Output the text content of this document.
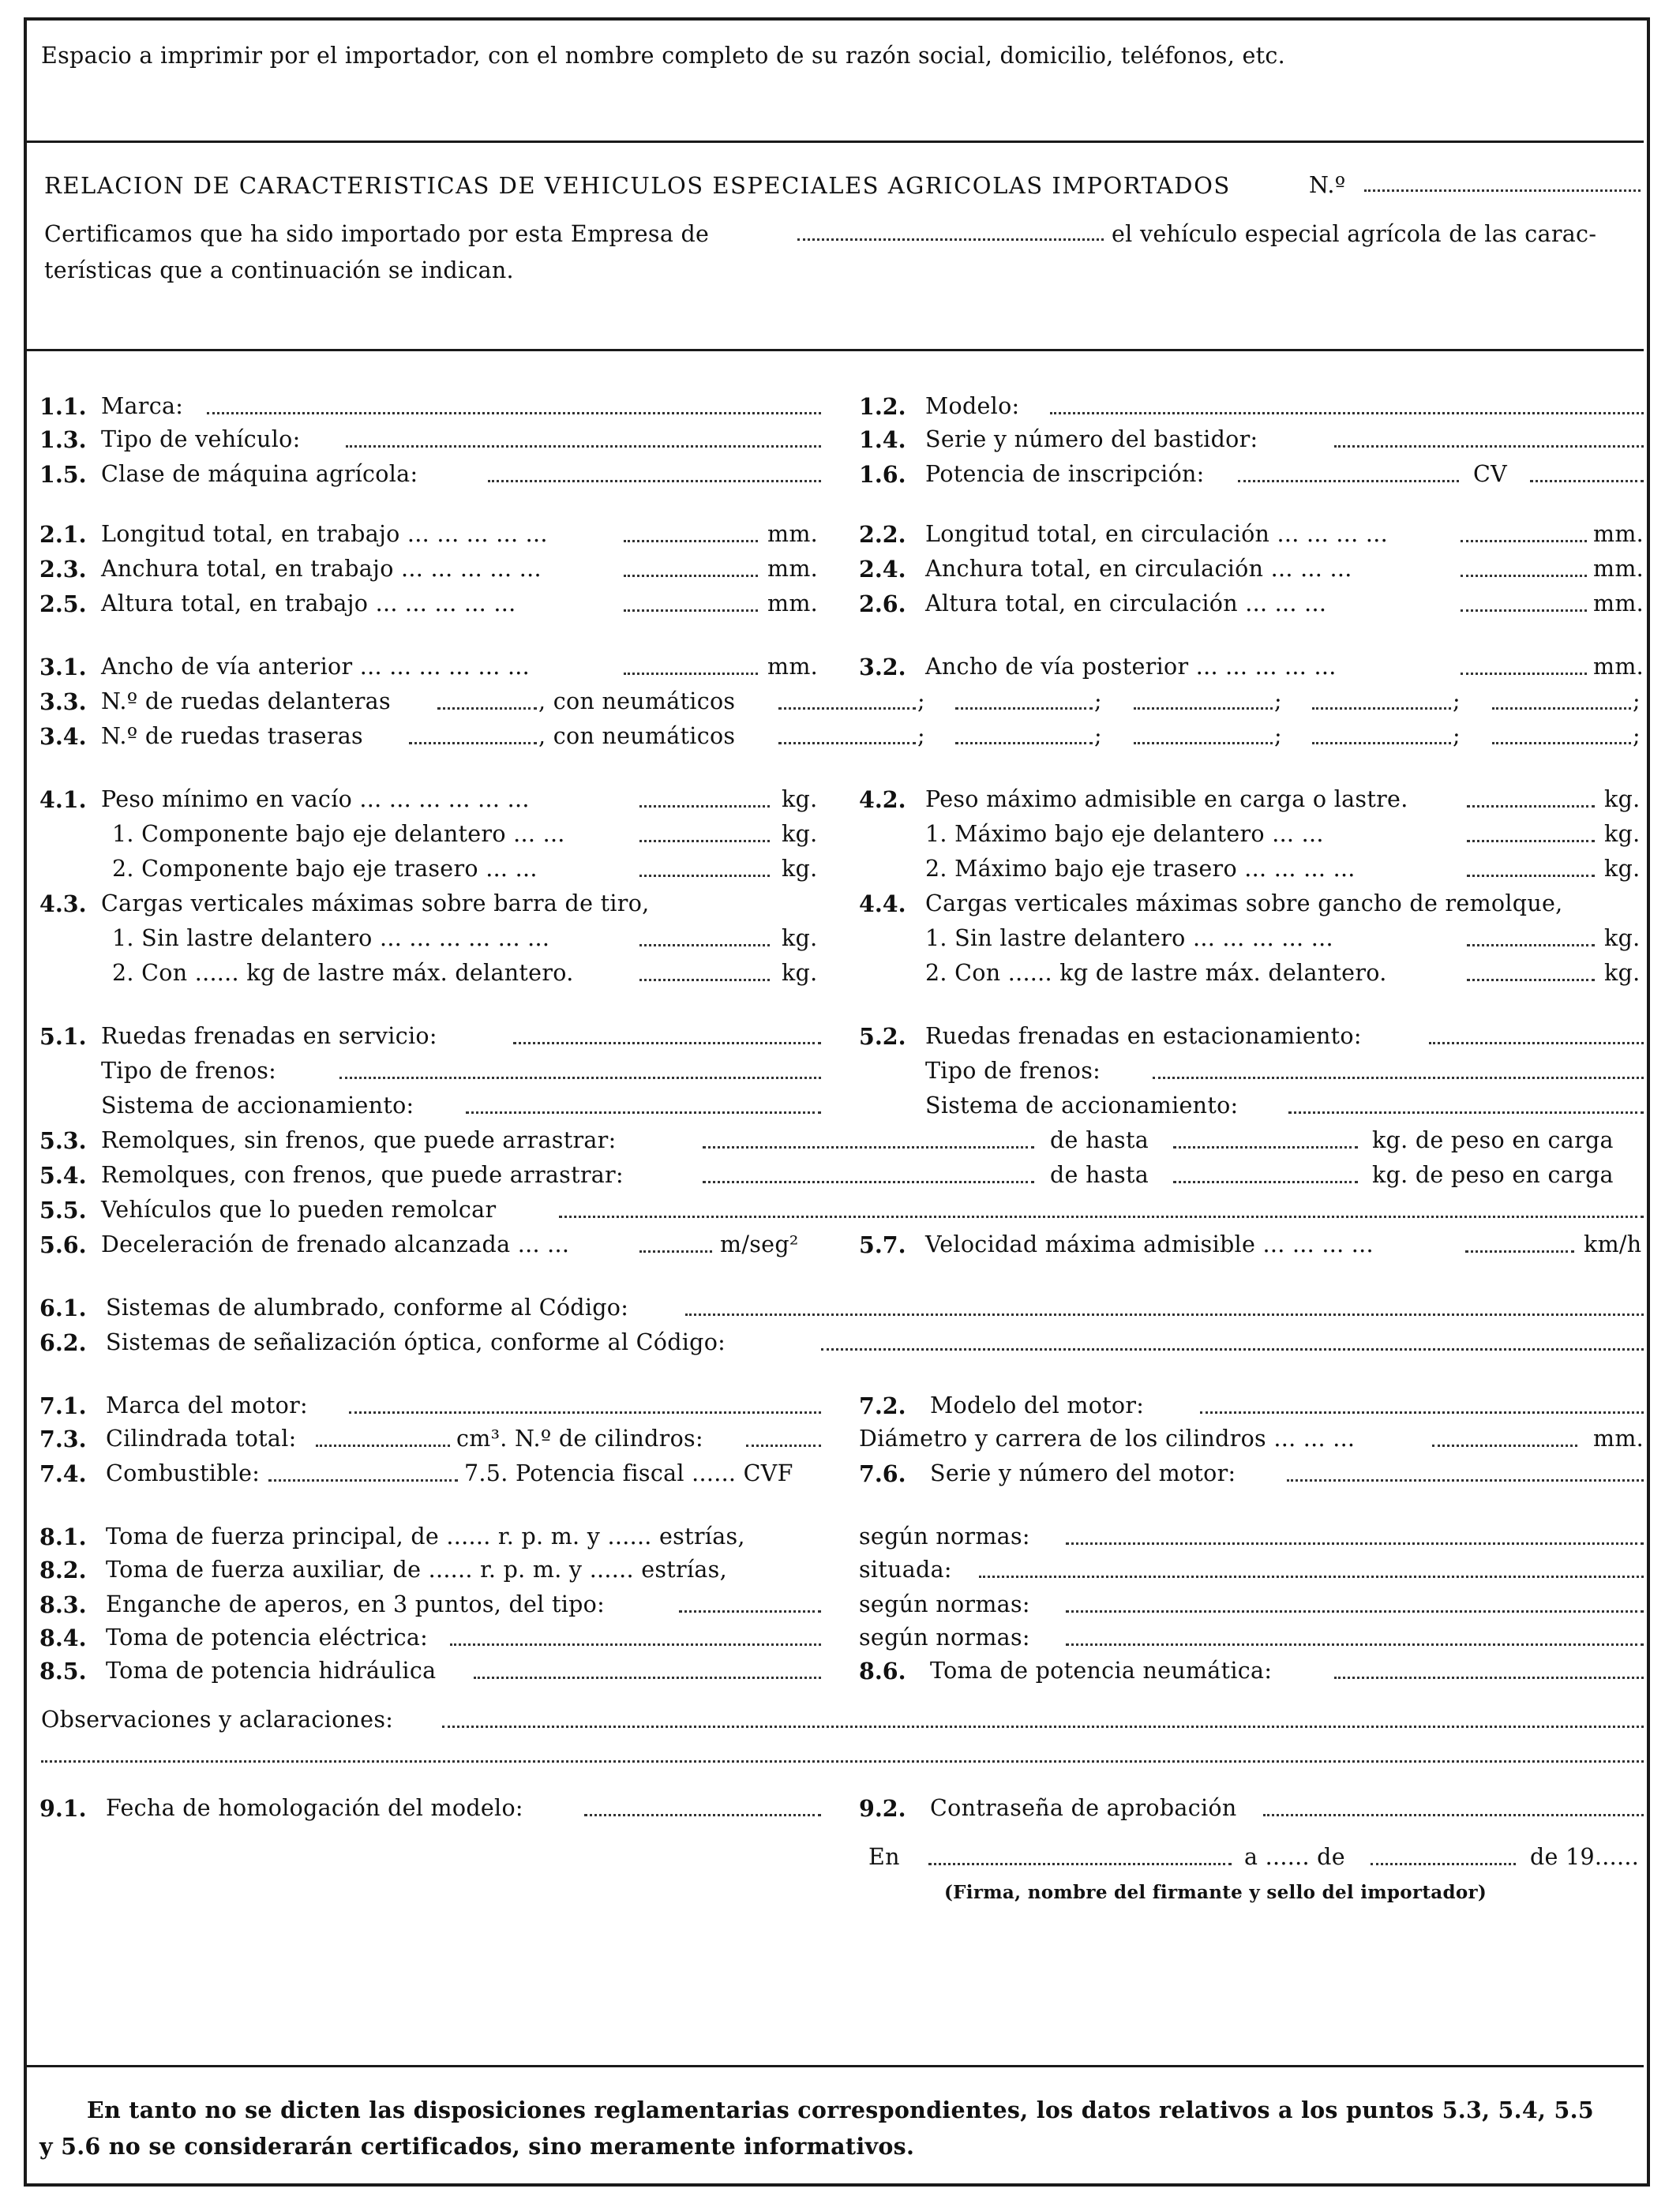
Espacio a imprimir por el importador, con el nombre completo de su razón social, domicilio, teléfonos, etc.
RELACION DE CARACTERISTICAS DE VEHICULOS ESPECIALES AGRICOLAS IMPORTADOS	N.º
Certificamos que ha sido importado por esta Empresa de	el vehículo especial agrícola de las carac-
terísticas que a continuación se indican.
1.1. Marca:	1.2. Modelo:
1.3. Tipo de vehículo:	1.4. Serie y número del bastidor:
1.5. Clase de máquina agrícola:	1.6. Potencia de inscripción:	CV
2.1. Longitud total, en trabajo ... ... ... ... ...	mm. 2.2. Longitud total, en circulación ... ... ... ...	mm.
2.3. Anchura total, en trabajo ... ... ... ... ...	mm. 2.4. Anchura total, en circulación ... ... ...	mm.
2.5. Altura total, en trabajo ... ... ... ... ...	mm. 2.6. Altura total, en circulación ... ... ...	mm.
3.1. Ancho de vía anterior ... ... ... ... ... ...	mm. 3.2. Ancho de vía posterior ... ... ... ... ...	mm.
3.3. N.º de ruedas delanteras	, con neumáticos	;	;	;	;	;
3.4. N.º de ruedas traseras	, con neumáticos	;	;	;	;	;
4.1.	4.2.
Peso mínimo en vacío ... ... ... ... ... ...	kg.	Peso máximo admisible en carga o lastre.	kg.
1. Componente bajo eje delantero ... ...	kg.	1. Máximo bajo eje delantero ... ...	kg.
2. Componente bajo eje trasero ... ...	kg.	2. Máximo bajo eje trasero ... ... ... ...	kg.
4.3. Cargas verticales máximas sobre barra de tiro,	4.4. Cargas verticales máximas sobre gancho de remolque,
1. Sin lastre delantero ... ... ... ... ... ...	kg.	1. Sin lastre delantero ... ... ... ... ...	kg.
2. Con ...... kg de lastre máx. delantero.	kg.	2. Con ...... kg de lastre máx. delantero.	kg.
5.1. Ruedas frenadas en servicio:	5.2. Ruedas frenadas en estacionamiento:
Tipo de frenos:	Tipo de frenos:
Sistema de accionamiento:	Sistema de accionamiento:
5.3. Remolques, sin frenos, que puede arrastrar:	de hasta	kg. de peso en carga
5.4. Remolques, con frenos, que puede arrastrar:	de hasta	kg. de peso en carga
5.5. Vehículos que lo pueden remolcar
5.6. Deceleración de frenado alcanzada ... ...	m/seg²	5.7. Velocidad máxima admisible ... ... ... ...	km/h
6.1. Sistemas de alumbrado, conforme al Código:
6.2. Sistemas de señalización óptica, conforme al Código:
7.1. Marca del motor:	7.2. Modelo del motor:
7.3. Cilindrada total:	cm³. N.º de cilindros:	Diámetro y carrera de los cilindros ... ... ...	mm.
7.4. Combustible:	7.5. Potencia fiscal ...... CVF	7.6. Serie y número del motor:
8.1. Toma de fuerza principal, de ...... r. p. m. y ...... estrías,	según normas:
8.2. Toma de fuerza auxiliar, de ...... r. p. m. y ...... estrías,	situada:
8.3. Enganche de aperos, en 3 puntos, del tipo:	según normas:
8.4. Toma de potencia eléctrica:	según normas:
8.5. Toma de potencia hidráulica	8.6. Toma de potencia neumática:
Observaciones y aclaraciones:
9.1. Fecha de homologación del modelo:	9.2. Contraseña de aprobación
En	a ...... de	de 19......
(Firma, nombre del firmante y sello del importador)
En tanto no se dicten las disposiciones reglamentarias correspondientes, los datos relativos a los puntos 5.3, 5.4, 5.5
y 5.6 no se considerarán certificados, sino meramente informativos.
